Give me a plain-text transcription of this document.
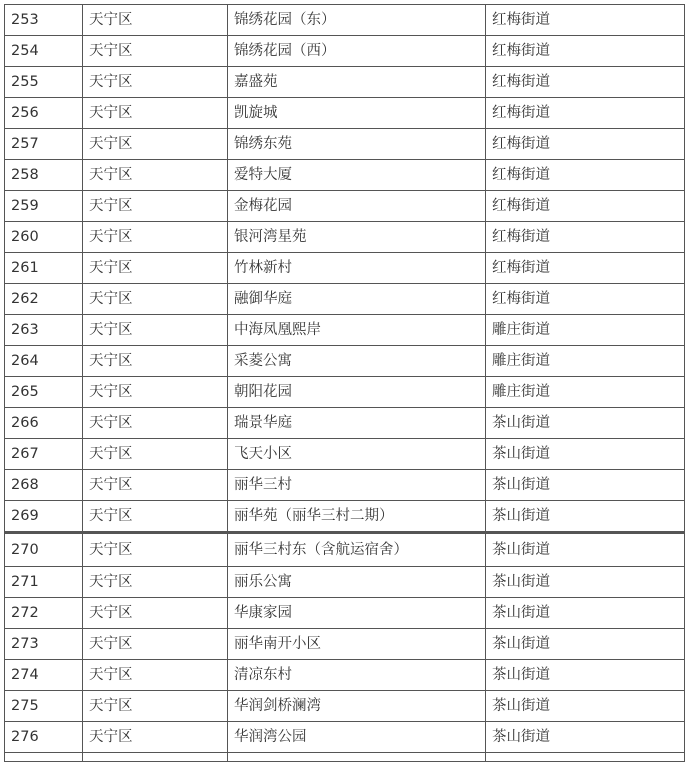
253	天宁区	锦绣花园（东）	红梅街道
254	天宁区	锦绣花园（西）	红梅街道
255	天宁区	嘉盛苑	红梅街道
256	天宁区	凯旋城	红梅街道
257	天宁区	锦绣东苑	红梅街道
258	天宁区	爱特大厦	红梅街道
259	天宁区	金梅花园	红梅街道
260	天宁区	银河湾星苑	红梅街道
261	天宁区	竹林新村	红梅街道
262	天宁区	融御华庭	红梅街道
263	天宁区	中海凤凰熙岸	雕庄街道
264	天宁区	采菱公寓	雕庄街道
265	天宁区	朝阳花园	雕庄街道
266	天宁区	瑞景华庭	茶山街道
267	天宁区	飞天小区	茶山街道
268	天宁区	丽华三村	茶山街道
269	天宁区	丽华苑（丽华三村二期）	茶山街道
270	天宁区	丽华三村东（含航运宿舍）	茶山街道
271	天宁区	丽乐公寓	茶山街道
272	天宁区	华康家园	茶山街道
273	天宁区	丽华南开小区	茶山街道
274	天宁区	清凉东村	茶山街道
275	天宁区	华润剑桥澜湾	茶山街道
276	天宁区	华润湾公园	茶山街道
